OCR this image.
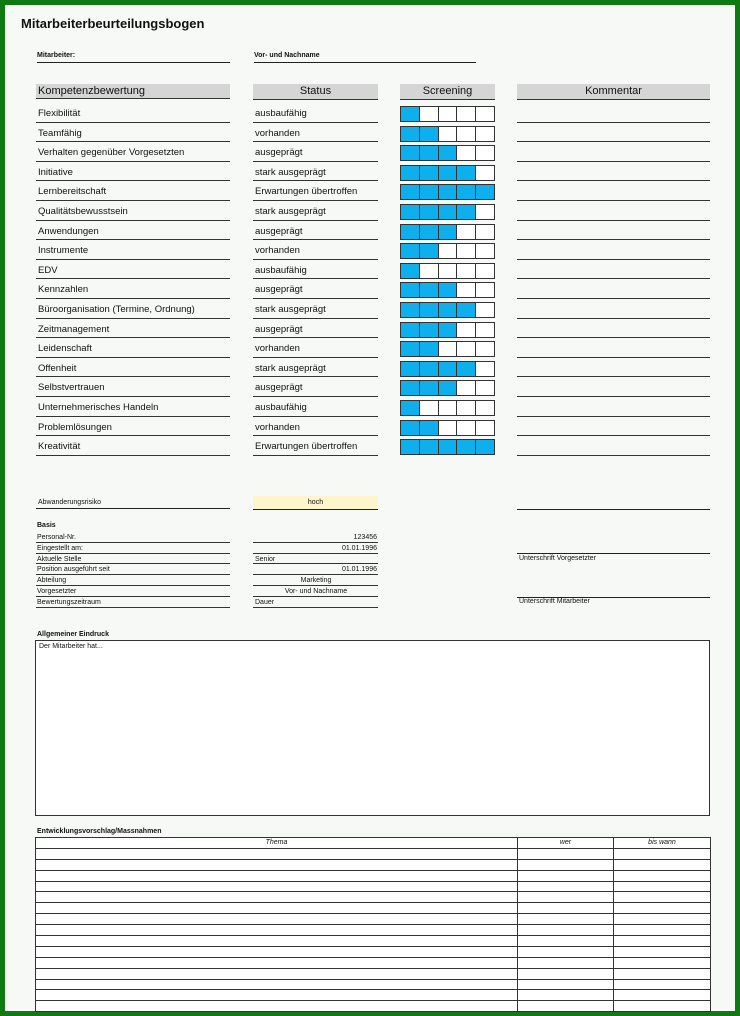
Mitarbeiterbeurteilungsbogen
Mitarbeiter:	Vor- und Nachname
Kompetenzbewertung	Status	Screening	Kommentar
Flexibilität	ausbaufähig
Teamfähig	vorhanden
Verhalten gegenüber Vorgesetzten	ausgeprägt
Initiative	stark ausgeprägt
Lernbereitschaft	Erwartungen übertroffen
Qualitätsbewusstsein	stark ausgeprägt
Anwendungen	ausgeprägt
Instrumente	vorhanden
EDV	ausbaufähig
Kennzahlen	ausgeprägt
Büroorganisation (Termine, Ordnung)	stark ausgeprägt
Zeitmanagement	ausgeprägt
Leidenschaft	vorhanden
Offenheit	stark ausgeprägt
Selbstvertrauen	ausgeprägt
Unternehmerisches Handeln	ausbaufähig
Problemlösungen	vorhanden
Kreativität	Erwartungen übertroffen
Abwanderungsrisiko	hoch
Basis
Personal-Nr.	123456
Eingestellt am:	01.01.1996
Aktuelle Stelle	Senior
Position ausgeführt seit	01.01.1996
Abteilung	Marketing
Vorgesetzter	Vor- und Nachname
Bewertungszeitraum	Dauer
Unterschrift Vorgesetzter
Unterschrift Mitarbeiter
Allgemeiner Eindruck
Der Mitarbeiter hat...
Entwicklungsvorschlag/Massnahmen
Thema	wer	bis wann
